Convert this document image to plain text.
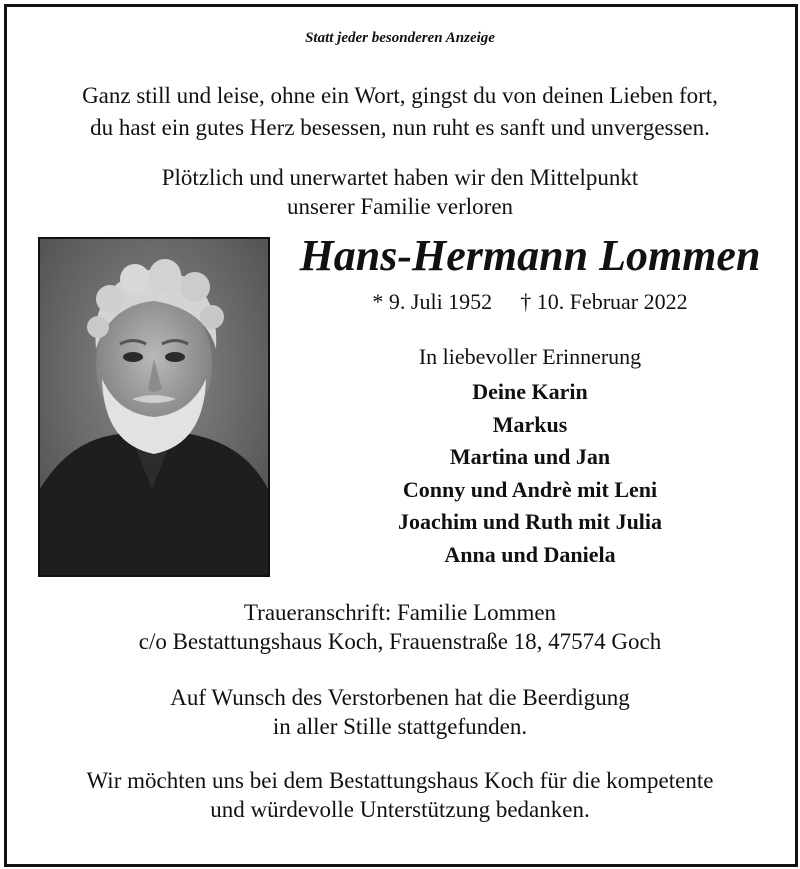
Statt jeder besonderen Anzeige
Ganz still und leise, ohne ein Wort, gingst du von deinen Lieben fort,
du hast ein gutes Herz besessen, nun ruht es sanft und unvergessen.
Plötzlich und unerwartet haben wir den Mittelpunkt
unserer Familie verloren
Hans-Hermann Lommen
* 9. Juli 1952 † 10. Februar 2022
In liebevoller Erinnerung
Deine Karin
Markus
Martina und Jan
Conny und Andrè mit Leni
Joachim und Ruth mit Julia
Anna und Daniela
Traueranschrift: Familie Lommen
c/o Bestattungshaus Koch, Frauenstraße 18, 47574 Goch
Auf Wunsch des Verstorbenen hat die Beerdigung
in aller Stille stattgefunden.
Wir möchten uns bei dem Bestattungshaus Koch für die kompetente
und würdevolle Unterstützung bedanken.
